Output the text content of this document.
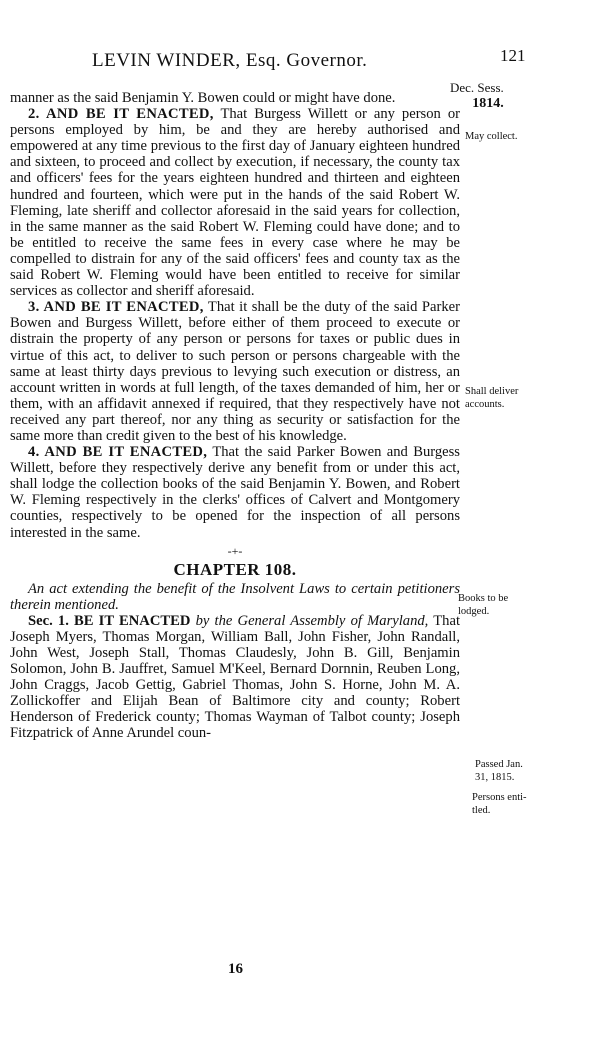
LEVIN WINDER, Esq. Governor.	121
Dec. Sess.
1814.

manner as the said Benjamin Y. Bowen could or might have done.

2. AND BE IT ENACTED, That Burgess Willett or any person or persons employed by him, be and they are hereby authorised and empowered at any time previous to the first day of January eighteen hundred and sixteen, to proceed and collect by execution, if necessary, the county tax and officers' fees for the years eighteen hundred and thirteen and eighteen hundred and fourteen, which were put in the hands of the said Robert W. Fleming, late sheriff and collector aforesaid in the said years for collection, in the same manner as the said Robert W. Fleming could have done; and to be entitled to receive the same fees in every case where he may be compelled to distrain for any of the said officers' fees and county tax as the said Robert W. Fleming would have been entitled to receive for similar services as collector and sheriff aforesaid.

3. AND BE IT ENACTED, That it shall be the duty of the said Parker Bowen and Burgess Willett, before either of them proceed to execute or distrain the property of any person or persons for taxes or public dues in virtue of this act, to deliver to such person or persons chargeable with the same at least thirty days previous to levying such execution or distress, an account written in words at full length, of the taxes demanded of him, her or them, with an affidavit annexed if required, that they respectively have not received any part thereof, nor any thing as security or satisfaction for the same more than credit given to the best of his knowledge.

4. AND BE IT ENACTED, That the said Parker Bowen and Burgess Willett, before they respectively derive any benefit from or under this act, shall lodge the collection books of the said Benjamin Y. Bowen, and Robert W. Fleming respectively in the clerks' offices of Calvert and Montgomery counties, respectively to be opened for the inspection of all persons interested in the same.

-+-
CHAPTER 108.

An act extending the benefit of the Insolvent Laws to certain petitioners therein mentioned.

Sec. 1. BE IT ENACTED by the General Assembly of Maryland, That Joseph Myers, Thomas Morgan, William Ball, John Fisher, John Randall, John West, Joseph Stall, Thomas Claudesly, John B. Gill, Benjamin Solomon, John B. Jauffret, Samuel M'Keel, Bernard Dornnin, Reuben Long, John Craggs, Jacob Gettig, Gabriel Thomas, John S. Horne, John M. A. Zollickoffer and Elijah Bean of Baltimore city and county; Robert Henderson of Frederick county; Thomas Wayman of Talbot county; Joseph Fitzpatrick of Anne Arundel coun-

16
May collect.
Shall deliver
accounts.
Books to be
lodged.
Passed Jan.
31, 1815.
Persons enti-
tled.
